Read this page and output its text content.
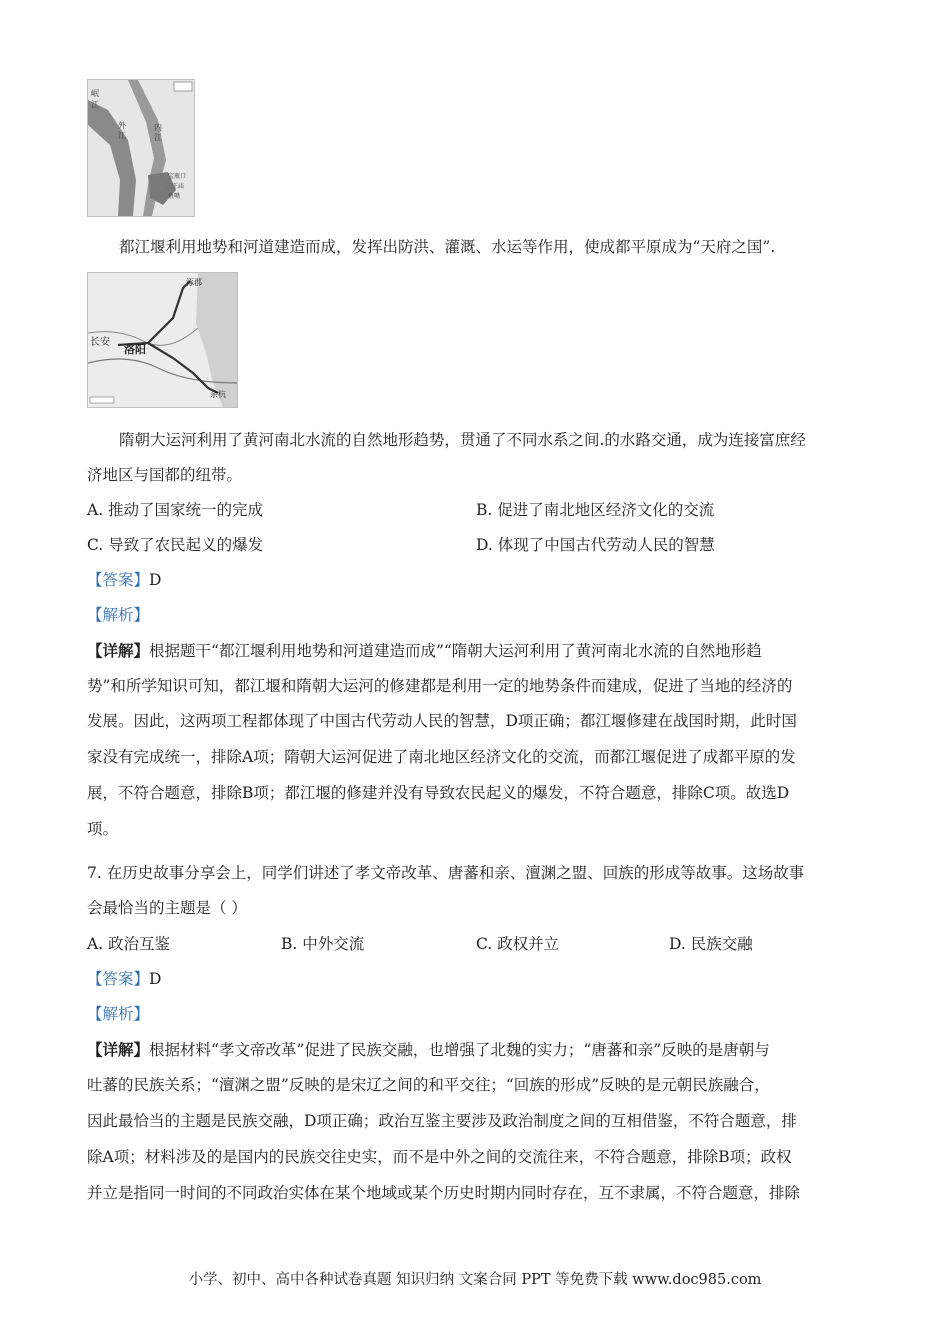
岷
江
外
江
内
江
宝瓶口
二王庙
鱼嘴
都江堰利用地势和河道建造而成，发挥出防洪、灌溉、水运等作用，使成都平原成为“天府之国”.
涿郡
长安
洛阳
余杭
隋朝大运河利用了黄河南北水流的自然地形趋势，贯通了不同水系之间.的水路交通，成为连接富庶经
济地区与国都的纽带。
A. 推动了国家统一的完成	B. 促进了南北地区经济文化的交流
C. 导致了农民起义的爆发	D. 体现了中国古代劳动人民的智慧
【答案】D
【解析】
【详解】根据题干“都江堰利用地势和河道建造而成”“隋朝大运河利用了黄河南北水流的自然地形趋
势”和所学知识可知，都江堰和隋朝大运河的修建都是利用一定的地势条件而建成，促进了当地的经济的
发展。因此，这两项工程都体现了中国古代劳动人民的智慧，D项正确；都江堰修建在战国时期，此时国
家没有完成统一，排除A项；隋朝大运河促进了南北地区经济文化的交流，而都江堰促进了成都平原的发
展，不符合题意，排除B项；都江堰的修建并没有导致农民起义的爆发，不符合题意，排除C项。故选D
项。
7. 在历史故事分享会上，同学们讲述了孝文帝改革、唐蕃和亲、澶渊之盟、回族的形成等故事。这场故事
会最恰当的主题是（ ）
A. 政治互鉴	B. 中外交流	C. 政权并立	D. 民族交融
【答案】D
【解析】
【详解】根据材料“孝文帝改革”促进了民族交融，也增强了北魏的实力；“唐蕃和亲”反映的是唐朝与
吐蕃的民族关系；“澶渊之盟”反映的是宋辽之间的和平交往；“回族的形成”反映的是元朝民族融合，
因此最恰当的主题是民族交融，D项正确；政治互鉴主要涉及政治制度之间的互相借鉴，不符合题意，排
除A项；材料涉及的是国内的民族交往史实，而不是中外之间的交流往来，不符合题意，排除B项；政权
并立是指同一时间的不同政治实体在某个地域或某个历史时期内同时存在，互不隶属，不符合题意，排除
小学、初中、高中各种试卷真题 知识归纳 文案合同 PPT 等免费下载 www.doc985.com
